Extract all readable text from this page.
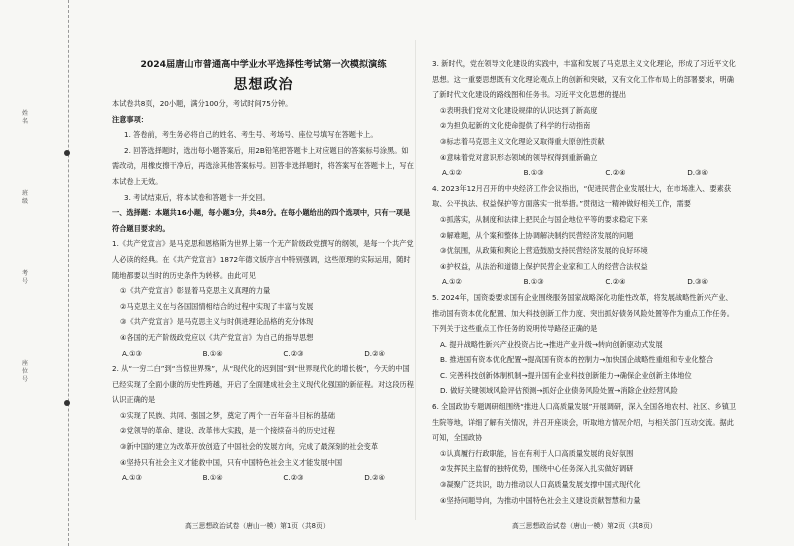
姓名
班级
考号
座位号
2024届唐山市普通高中学业水平选择性考试第一次模拟演练
思想政治

本试卷共8页，20小题，满分100分，考试时间75分钟。

注意事项：

1. 答卷前，考生务必将自己的姓名、考生号、考场号、座位号填写在答题卡上。

2. 回答选择题时，选出每小题答案后，用2B铅笔把答题卡上对应题目的答案标号涂黑。如需改动，用橡皮擦干净后，再选涂其他答案标号。回答非选择题时，将答案写在答题卡上，写在本试卷上无效。

3. 考试结束后，将本试卷和答题卡一并交回。

一、选择题：本题共16小题，每小题3分，共48分。在每小题给出的四个选项中，只有一项是符合题目要求的。

1.《共产党宣言》是马克思和恩格斯为世界上第一个无产阶级政党撰写的纲领，是每一个共产党人必读的经典。在《共产党宣言》1872年德文版序言中特别强调，这些原理的实际运用，随时随地都要以当时的历史条件为转移。由此可见

①《共产党宣言》彰显着马克思主义真理的力量

②马克思主义在与各国国情相结合的过程中实现了丰富与发展

③《共产党宣言》是马克思主义与时俱进理论品格的充分体现

④各国的无产阶级政党应以《共产党宣言》为自己的指导思想

A.①③	B.①④	C.②③	D.②④

2. 从“一穷二白”到“当惊世界殊”，从“现代化的迟到国”到“世界现代化的增长极”，今天的中国已经实现了全面小康的历史性跨越，开启了全面建成社会主义现代化强国的新征程。对这段历程认识正确的是

①实现了民族、共同、强国之梦，奠定了两个一百年奋斗目标的基础

②党领导的革命、建设、改革伟大实践，是一个接续奋斗的历史过程

③新中国的建立为改革开放创造了中国社会的发展方向，完成了最深刻的社会变革

④坚持只有社会主义才能救中国，只有中国特色社会主义才能发展中国

A.①③	B.①④	C.②③	D.②④

3. 新时代，党在领导文化建设的实践中，丰富和发展了马克思主义文化理论，形成了习近平文化思想。这一重要思想既有文化理论观点上的创新和突破，又有文化工作布局上的部署要求，明确了新时代文化建设的路线图和任务书。习近平文化思想的提出

①表明我们党对文化建设规律的认识达到了新高度

②为担负起新的文化使命提供了科学的行动指南

③标志着马克思主义文化理论又取得重大原创性贡献

④意味着党对意识形态领域的领导权得到重新确立

A.①②	B.①③	C.②④	D.③④

4. 2023年12月召开的中央经济工作会议指出，“促进民营企业发展壮大，在市场准入、要素获取、公平执法、权益保护等方面落实一批举措。”贯彻这一精神做好相关工作，需要

①抓落实，从制度和法律上把民企与国企地位平等的要求稳定下来

②解难题，从个案和整体上协调解决制约民营经济发展的问题

③优氛围，从政策和舆论上营造鼓励支持民营经济发展的良好环境

④护权益，从法治和道德上保护民营企业家和工人的经营合法权益

A.①②	B.①③	C.②④	D.③④

5. 2024年，国资委要求国有企业围绕服务国家战略深化功能性改革，将发展战略性新兴产业、推动国有资本优化配置、加大科技创新工作力度、突出抓好债务风险处置等作为重点工作任务。下列关于这些重点工作任务的说明传导路径正确的是

A. 提升战略性新兴产业投资占比→推进产业升级→转向创新驱动式发展

B. 推进国有资本优化配置→提高国有资本的控制力→加快国企战略性重组和专业化整合

C. 完善科技创新体制机制→提升国有企业科技创新能力→确保企业创新主体地位

D. 做好关键领域风险评估预测→抓好企业债务风险处置→消除企业经营风险

6. 全国政协专题调研组围绕“推进人口高质量发展”开展调研，深入全国各地农村、社区、乡镇卫生院等地，详细了解有关情况，并召开座谈会，听取地方情况介绍，与相关部门互动交流。据此可知，全国政协

①认真履行行政职能，旨在有利于人口高质量发展的良好氛围

②发挥民主监督的独特优势，围绕中心任务深入扎实做好调研

③凝聚广泛共识，助力推动以人口高质量发展支撑中国式现代化

④坚持问题导向，为推动中国特色社会主义建设贡献智慧和力量

高三思想政治试卷（唐山一模）第1页（共8页）	高三思想政治试卷（唐山一模）第2页（共8页）
